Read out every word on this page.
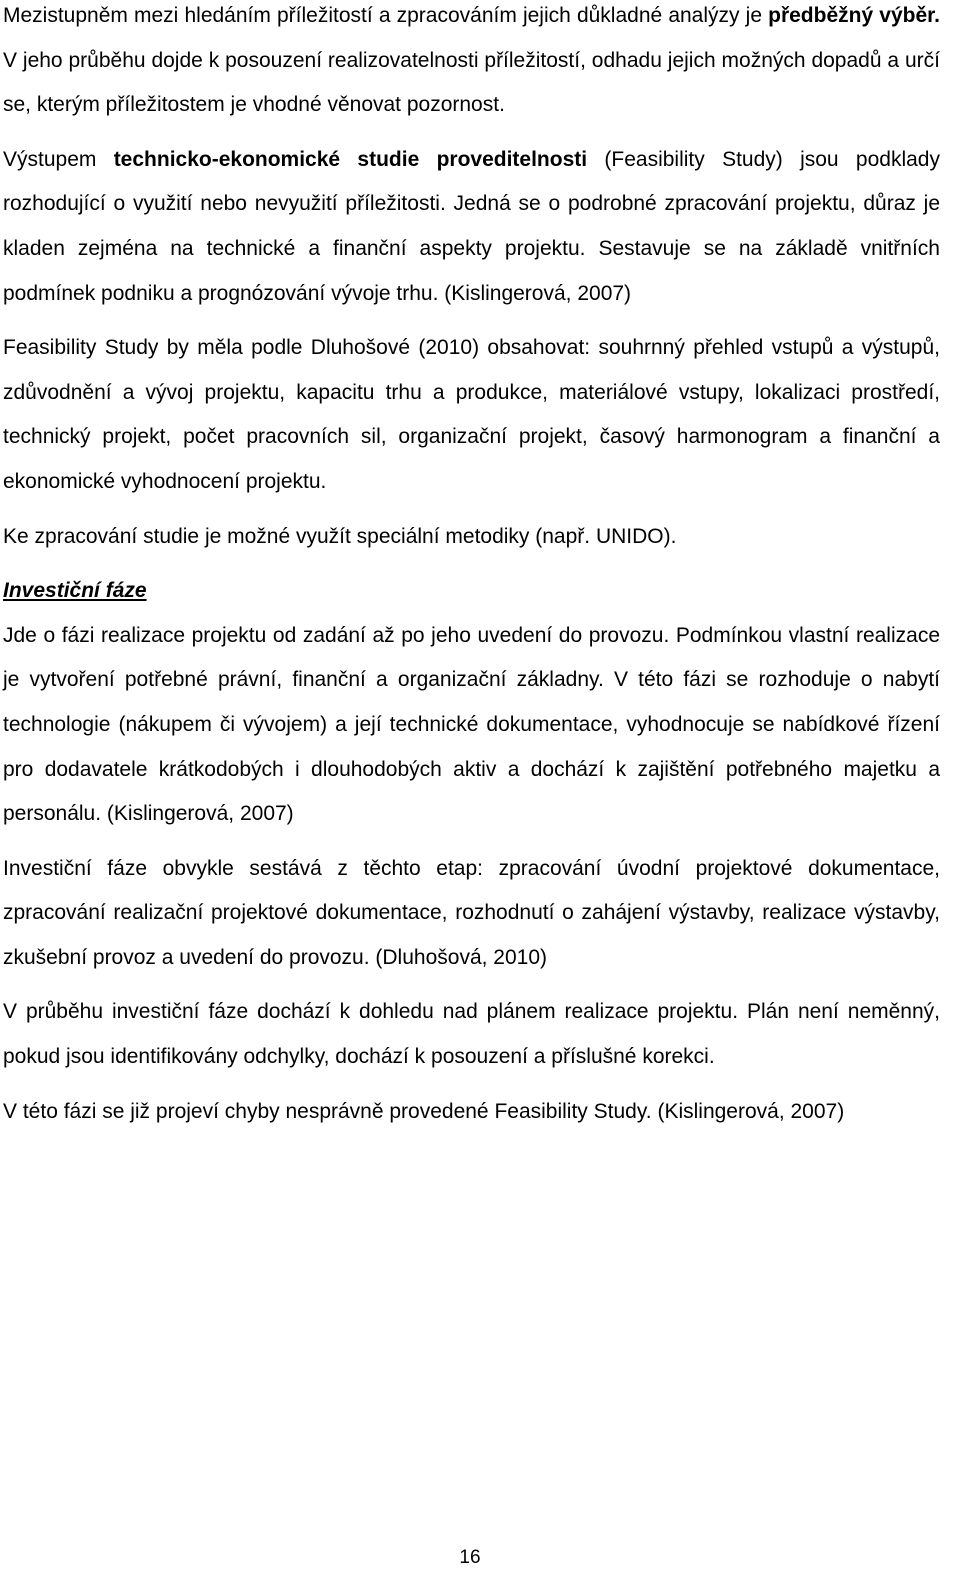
Mezistupněm mezi hledáním příležitostí a zpracováním jejich důkladné analýzy je předběžný výběr. V jeho průběhu dojde k posouzení realizovatelnosti příležitostí, odhadu jejich možných dopadů a určí se, kterým příležitostem je vhodné věnovat pozornost.

Výstupem technicko-ekonomické studie proveditelnosti (Feasibility Study) jsou podklady rozhodující o využití nebo nevyužití příležitosti. Jedná se o podrobné zpracování projektu, důraz je kladen zejména na technické a finanční aspekty projektu. Sestavuje se na základě vnitřních podmínek podniku a prognózování vývoje trhu. (Kislingerová, 2007)

Feasibility Study by měla podle Dluhošové (2010) obsahovat: souhrnný přehled vstupů a výstupů, zdůvodnění a vývoj projektu, kapacitu trhu a produkce, materiálové vstupy, lokalizaci prostředí, technický projekt, počet pracovních sil, organizační projekt, časový harmonogram a finanční a ekonomické vyhodnocení projektu.

Ke zpracování studie je možné využít speciální metodiky (např. UNIDO).

Investiční fáze

Jde o fázi realizace projektu od zadání až po jeho uvedení do provozu. Podmínkou vlastní realizace je vytvoření potřebné právní, finanční a organizační základny. V této fázi se rozhoduje o nabytí technologie (nákupem či vývojem) a její technické dokumentace, vyhodnocuje se nabídkové řízení pro dodavatele krátkodobých i dlouhodobých aktiv a dochází k zajištění potřebného majetku a personálu. (Kislingerová, 2007)

Investiční fáze obvykle sestává z těchto etap: zpracování úvodní projektové dokumentace, zpracování realizační projektové dokumentace, rozhodnutí o zahájení výstavby, realizace výstavby, zkušební provoz a uvedení do provozu. (Dluhošová, 2010)

V průběhu investiční fáze dochází k dohledu nad plánem realizace projektu. Plán není neměnný, pokud jsou identifikovány odchylky, dochází k posouzení a příslušné korekci.

V této fázi se již projeví chyby nesprávně provedené Feasibility Study. (Kislingerová, 2007)

16
